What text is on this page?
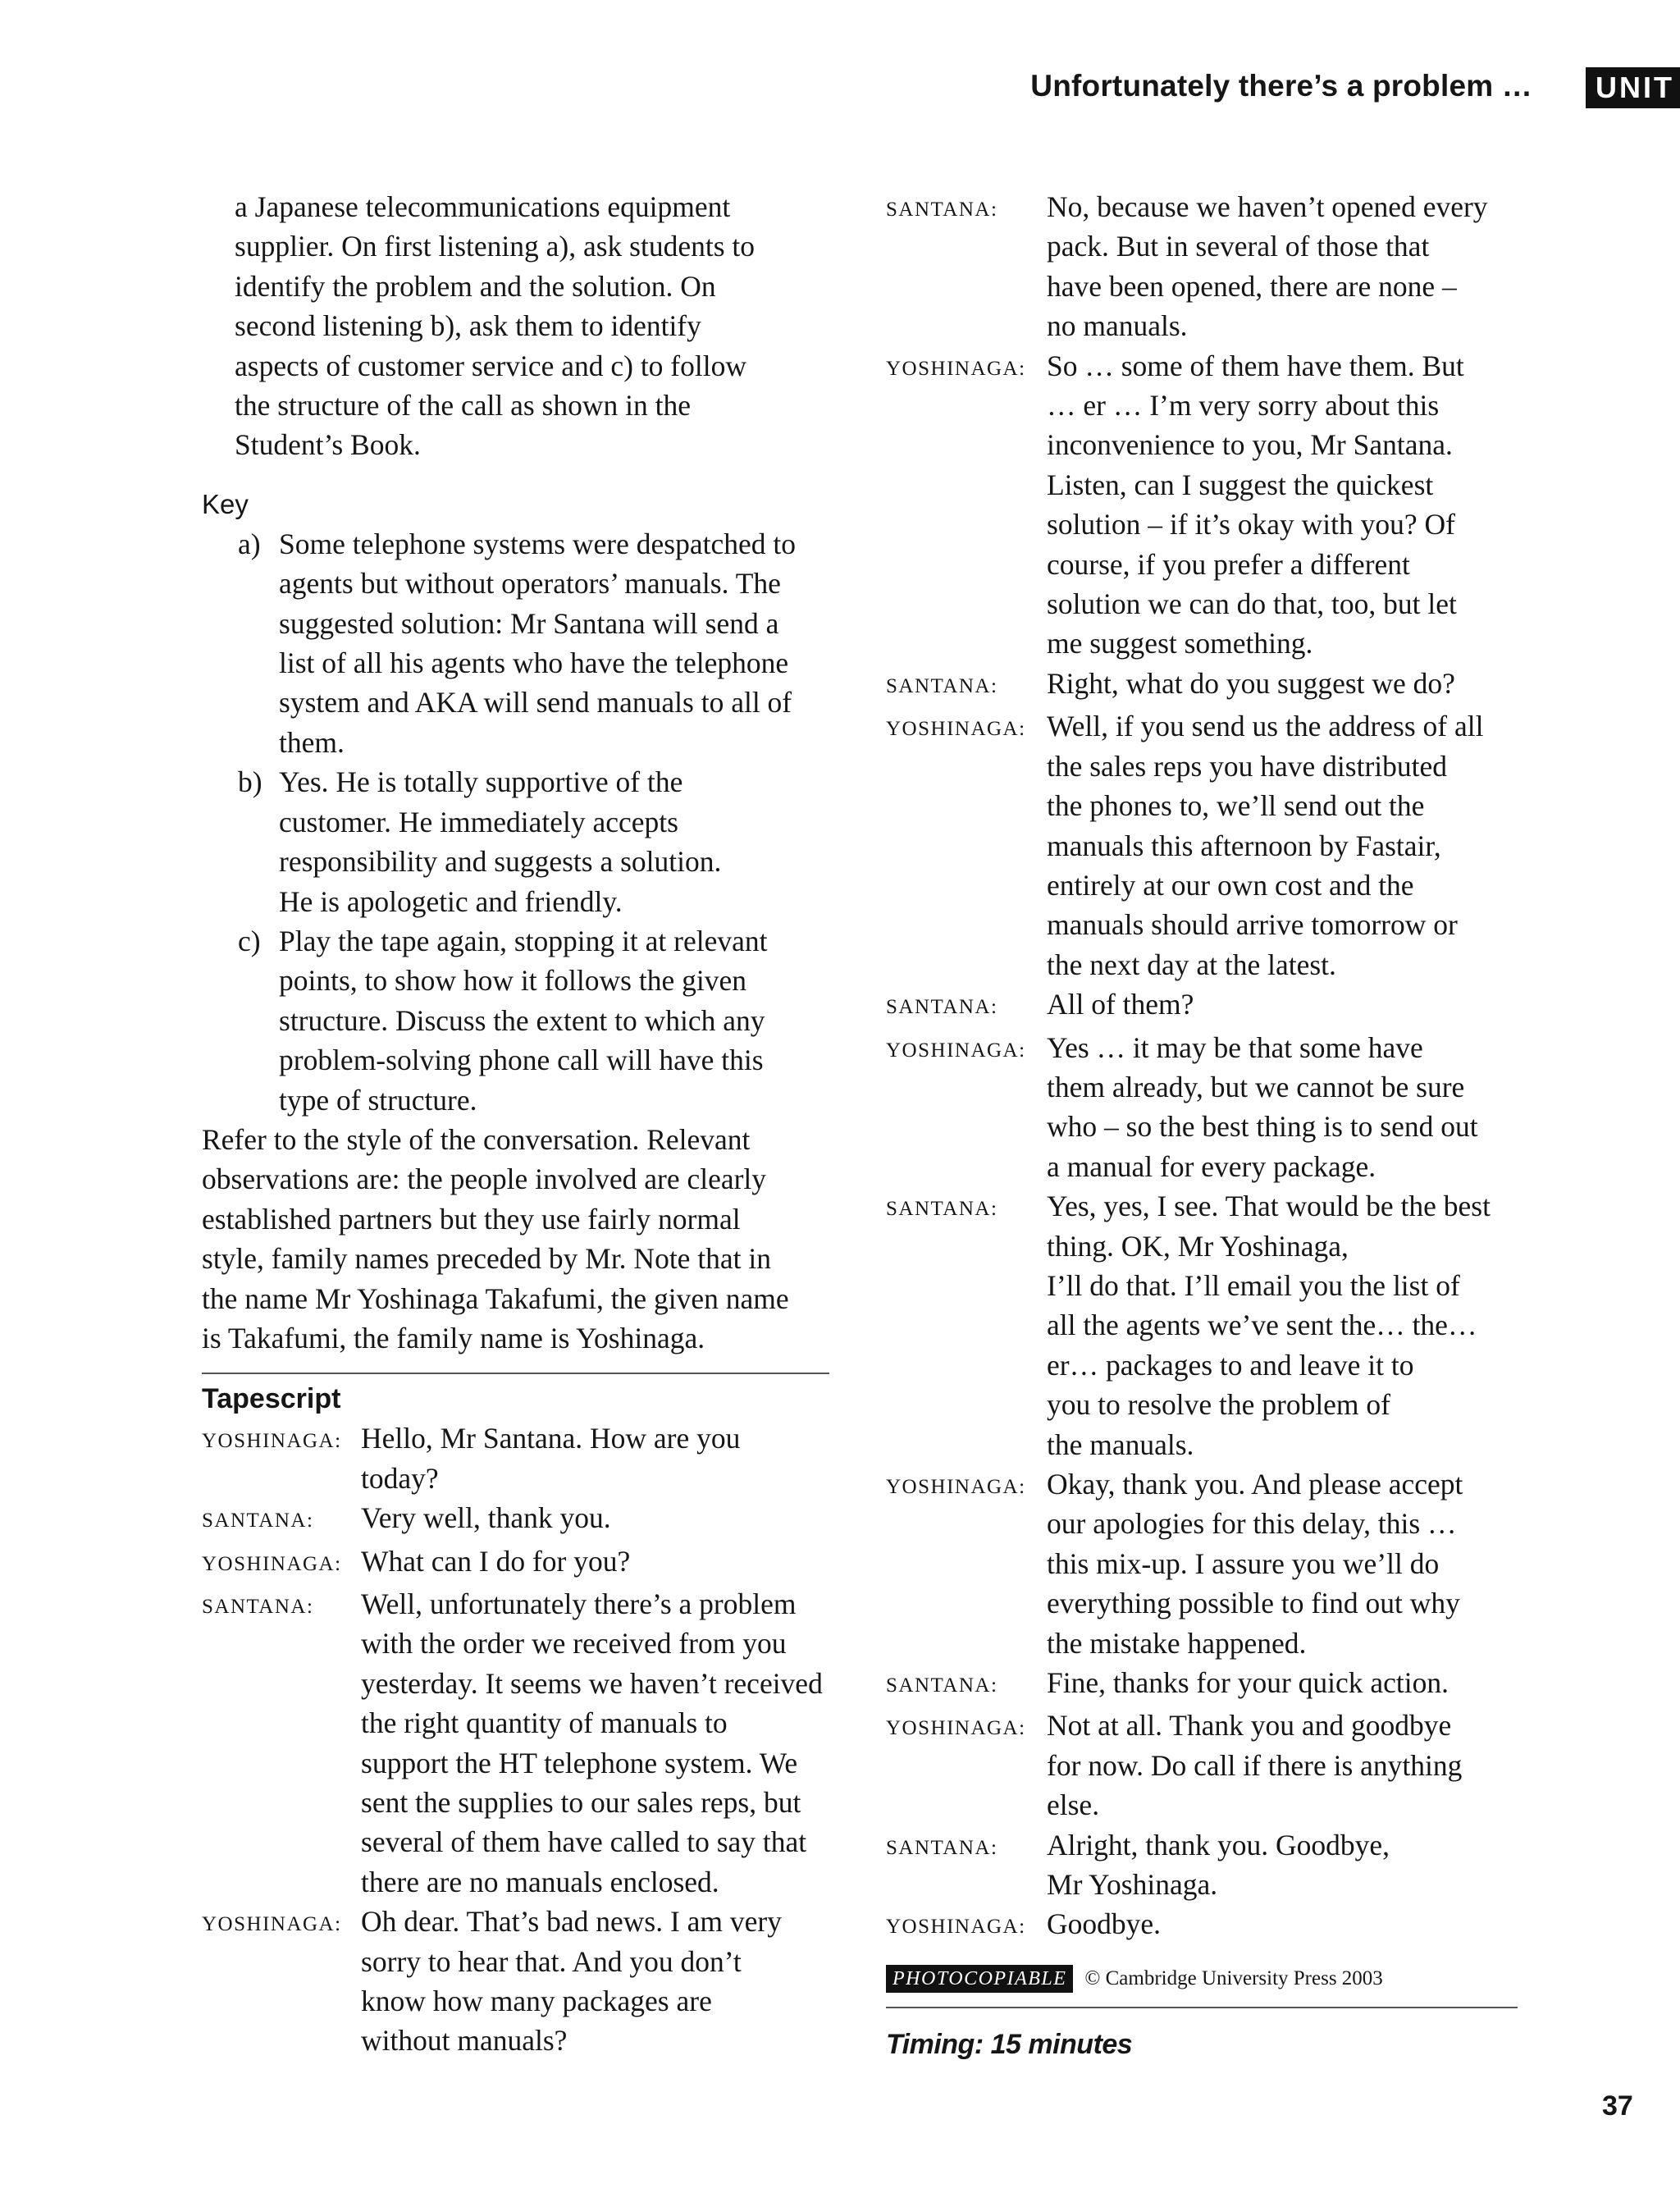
Unfortunately there’s a problem …	UNIT
a Japanese telecommunications equipment
supplier. On first listening a), ask students to
identify the problem and the solution. On
second listening b), ask them to identify
aspects of customer service and c) to follow
the structure of the call as shown in the
Student’s Book.
Key
a) Some telephone systems were despatched to
agents but without operators’ manuals. The
suggested solution: Mr Santana will send a
list of all his agents who have the telephone
system and AKA will send manuals to all of
them.
b) Yes. He is totally supportive of the
customer. He immediately accepts
responsibility and suggests a solution.
He is apologetic and friendly.
c) Play the tape again, stopping it at relevant
points, to show how it follows the given
structure. Discuss the extent to which any
problem-solving phone call will have this
type of structure.
Refer to the style of the conversation. Relevant
observations are: the people involved are clearly
established partners but they use fairly normal
style, family names preceded by Mr. Note that in
the name Mr Yoshinaga Takafumi, the given name
is Takafumi, the family name is Yoshinaga.
Tapescript
YOSHINAGA: Hello, Mr Santana. How are you
today?
SANTANA:	Very well, thank you.
YOSHINAGA: What can I do for you?
SANTANA:	Well, unfortunately there’s a problem
with the order we received from you
yesterday. It seems we haven’t received
the right quantity of manuals to
support the HT telephone system. We
sent the supplies to our sales reps, but
several of them have called to say that
there are no manuals enclosed.
YOSHINAGA: Oh dear. That’s bad news. I am very
sorry to hear that. And you don’t
know how many packages are
without manuals?
SANTANA:	No, because we haven’t opened every
pack. But in several of those that
have been opened, there are none –
no manuals.
YOSHINAGA: So … some of them have them. But
… er … I’m very sorry about this
inconvenience to you, Mr Santana.
Listen, can I suggest the quickest
solution – if it’s okay with you? Of
course, if you prefer a different
solution we can do that, too, but let
me suggest something.
SANTANA:	Right, what do you suggest we do?
YOSHINAGA: Well, if you send us the address of all
the sales reps you have distributed
the phones to, we’ll send out the
manuals this afternoon by Fastair,
entirely at our own cost and the
manuals should arrive tomorrow or
the next day at the latest.
SANTANA:	All of them?
YOSHINAGA: Yes … it may be that some have
them already, but we cannot be sure
who – so the best thing is to send out
a manual for every package.
SANTANA:	Yes, yes, I see. That would be the best
thing. OK, Mr Yoshinaga,
I’ll do that. I’ll email you the list of
all the agents we’ve sent the… the…
er… packages to and leave it to
you to resolve the problem of
the manuals.
YOSHINAGA: Okay, thank you. And please accept
our apologies for this delay, this …
this mix-up. I assure you we’ll do
everything possible to find out why
the mistake happened.
SANTANA:	Fine, thanks for your quick action.
YOSHINAGA: Not at all. Thank you and goodbye
for now. Do call if there is anything
else.
SANTANA:	Alright, thank you. Goodbye,
Mr Yoshinaga.
YOSHINAGA: Goodbye.
PHOTOCOPIABLE © Cambridge University Press 2003
Timing: 15 minutes
37
